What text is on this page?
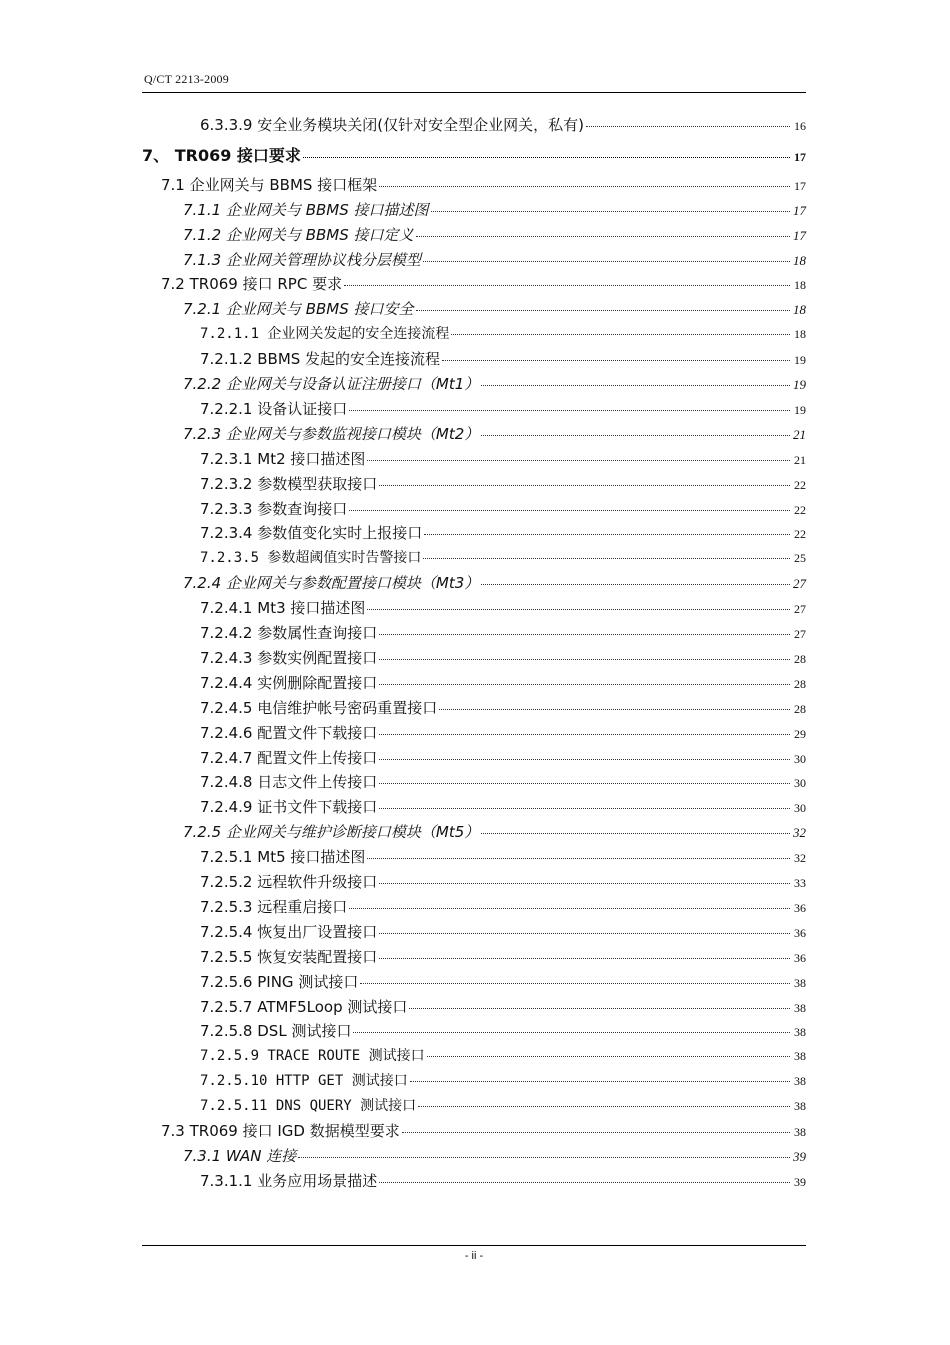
Q/CT 2213-2009
6.3.3.9 安全业务模块关闭(仅针对安全型企业网关，私有)	16
7、 TR069 接口要求	17
7.1 企业网关与 BBMS 接口框架	17
7.1.1 企业网关与 BBMS 接口描述图	17
7.1.2 企业网关与 BBMS 接口定义	17
7.1.3 企业网关管理协议栈分层模型	18
7.2 TR069 接口 RPC 要求	18
7.2.1 企业网关与 BBMS 接口安全	18
7.2.1.1 企业网关发起的安全连接流程	18
7.2.1.2 BBMS 发起的安全连接流程	19
7.2.2 企业网关与设备认证注册接口（Mt1）	19
7.2.2.1 设备认证接口	19
7.2.3 企业网关与参数监视接口模块（Mt2）	21
7.2.3.1 Mt2 接口描述图	21
7.2.3.2 参数模型获取接口	22
7.2.3.3 参数查询接口	22
7.2.3.4 参数值变化实时上报接口	22
7.2.3.5 参数超阈值实时告警接口	25
7.2.4 企业网关与参数配置接口模块（Mt3）	27
7.2.4.1 Mt3 接口描述图	27
7.2.4.2 参数属性查询接口	27
7.2.4.3 参数实例配置接口	28
7.2.4.4 实例删除配置接口	28
7.2.4.5 电信维护帐号密码重置接口	28
7.2.4.6 配置文件下载接口	29
7.2.4.7 配置文件上传接口	30
7.2.4.8 日志文件上传接口	30
7.2.4.9 证书文件下载接口	30
7.2.5 企业网关与维护诊断接口模块（Mt5）	32
7.2.5.1 Mt5 接口描述图	32
7.2.5.2 远程软件升级接口	33
7.2.5.3 远程重启接口	36
7.2.5.4 恢复出厂设置接口	36
7.2.5.5 恢复安装配置接口	36
7.2.5.6 PING 测试接口	38
7.2.5.7 ATMF5Loop 测试接口	38
7.2.5.8 DSL 测试接口	38
7.2.5.9 TRACE ROUTE 测试接口	38
7.2.5.10 HTTP GET 测试接口	38
7.2.5.11 DNS QUERY 测试接口	38
7.3 TR069 接口 IGD 数据模型要求	38
7.3.1 WAN 连接	39
7.3.1.1 业务应用场景描述	39
- ii -
